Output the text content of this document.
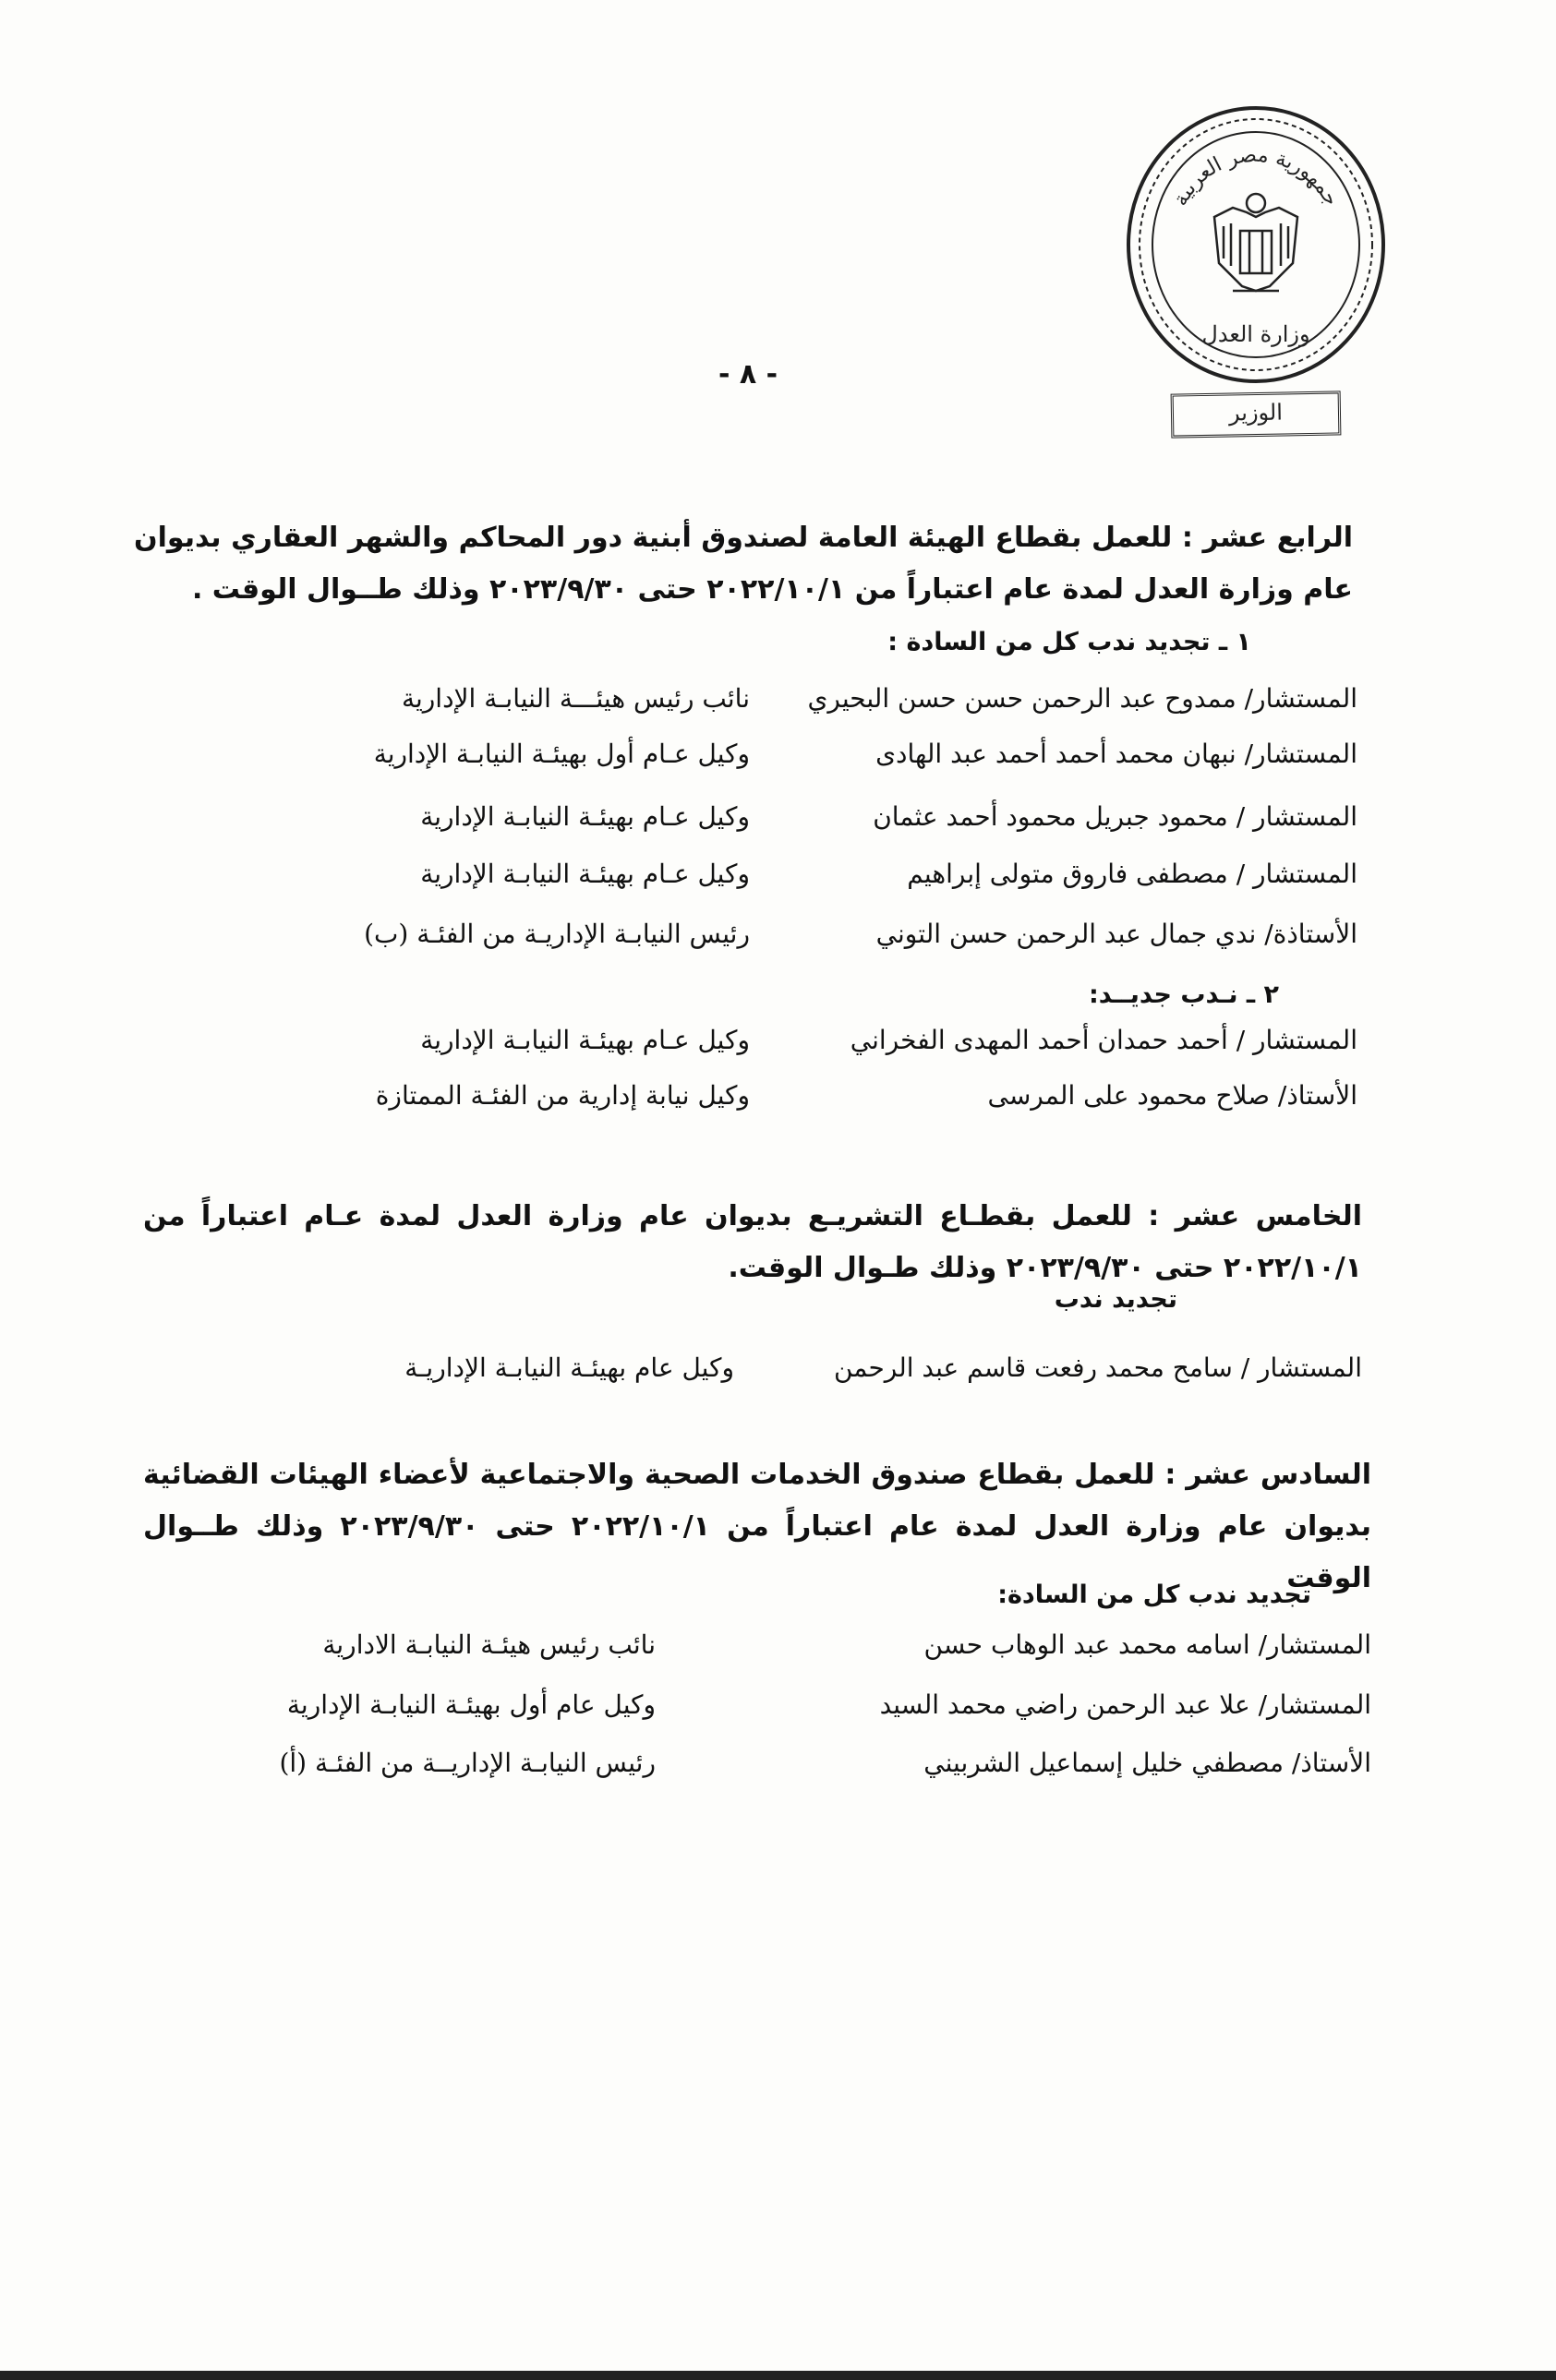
جمهورية مصر العربية
وزارة العدل
الوزير
- ٨ -
الرابع عشر : للعمل بقطاع الهيئة العامة لصندوق أبنية دور المحاكم والشهر العقاري بديوان عام وزارة العدل لمدة عام اعتباراً من ٢٠٢٢/١٠/١ حتى ٢٠٢٣/٩/٣٠ وذلك طــوال الوقت .
١ ـ تجديد ندب كل من السادة :
المستشار/ ممدوح عبد الرحمن حسن حسن البحيري
نائب رئيس هيئـــة النيابـة الإدارية
المستشار/ نبهان محمد أحمد أحمد عبد الهادى
وكيل عـام أول بهيئـة النيابـة الإدارية
المستشار / محمود جبريل محمود أحمد عثمان
وكيل عـام بهيئـة النيابـة الإدارية
المستشار / مصطفى فاروق متولى إبراهيم
وكيل عـام بهيئـة النيابـة الإدارية
الأستاذة/ ندي جمال عبد الرحمن حسن التوني
رئيس النيابـة الإداريـة من الفئـة (ب)
٢ ـ نـدب جديــد:
المستشار / أحمد حمدان أحمد المهدى الفخراني
وكيل عـام بهيئـة النيابـة الإدارية
الأستاذ/ صلاح محمود على المرسى
وكيل نيابة إدارية من الفئـة الممتازة
الخامس عشر : للعمل بقطـاع التشريـع بديوان عام وزارة العدل لمدة عـام اعتباراً من ٢٠٢٢/١٠/١ حتى ٢٠٢٣/٩/٣٠ وذلك طـوال الوقت.
تجديد ندب
المستشار / سامح محمد رفعت قاسم عبد الرحمن
وكيل عام بهيئـة النيابـة الإداريـة
السادس عشر : للعمل بقطاع صندوق الخدمات الصحية والاجتماعية لأعضاء الهيئات القضائية بديوان عام وزارة العدل لمدة عام اعتباراً من ٢٠٢٢/١٠/١ حتى ٢٠٢٣/٩/٣٠ وذلك طــوال الوقت
تجديد ندب كل من السادة:
المستشار/ اسامه محمد عبد الوهاب حسن
نائب رئيس هيئـة النيابـة الادارية
المستشار/ علا عبد الرحمن راضي محمد السيد
وكيل عام أول بهيئـة النيابـة الإدارية
الأستاذ/ مصطفي خليل إسماعيل الشربيني
رئيس النيابـة الإداريــة من الفئـة (أ)
